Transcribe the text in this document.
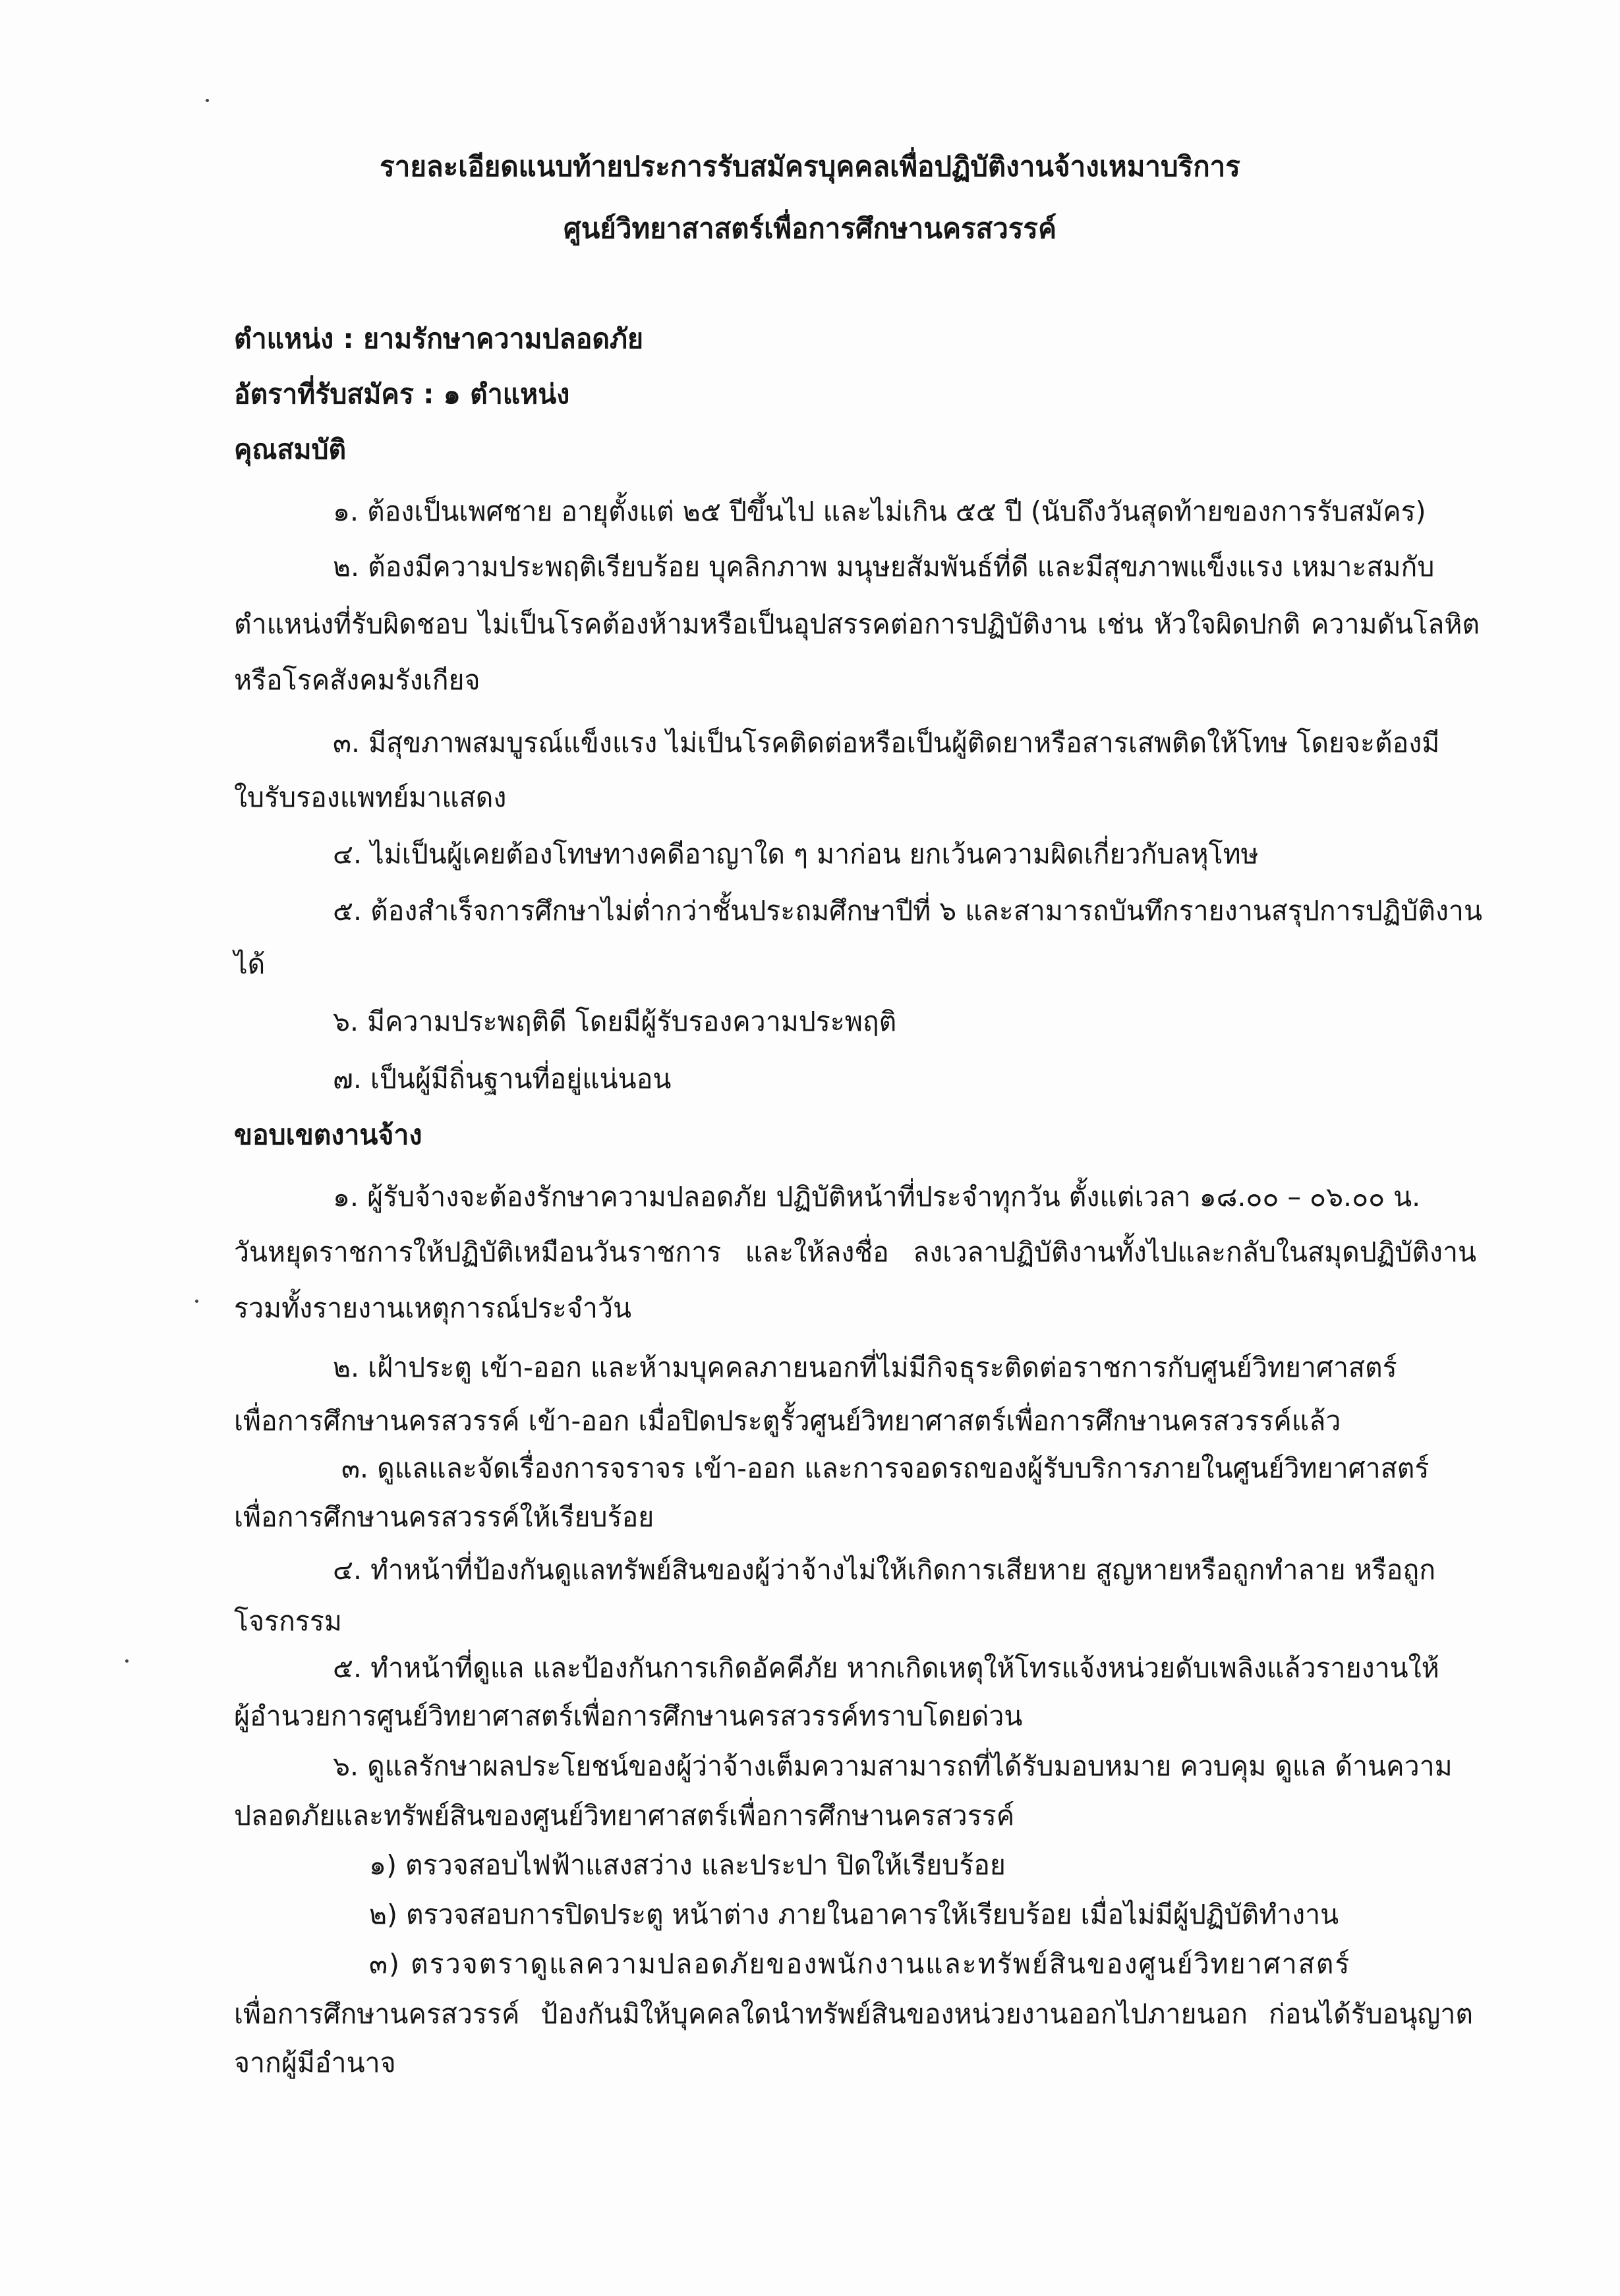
รายละเอียดแนบท้ายประการรับสมัครบุคคลเพื่อปฏิบัติงานจ้างเหมาบริการ
ศูนย์วิทยาสาสตร์เพื่อการศึกษานครสวรรค์
ตำแหน่ง : ยามรักษาความปลอดภัย
อัตราที่รับสมัคร : ๑ ตำแหน่ง
คุณสมบัติ
๑. ต้องเป็นเพศชาย อายุตั้งแต่ ๒๕ ปีขึ้นไป และไม่เกิน ๕๕ ปี (นับถึงวันสุดท้ายของการรับสมัคร)
๒. ต้องมีความประพฤติเรียบร้อย บุคลิกภาพ มนุษยสัมพันธ์ที่ดี และมีสุขภาพแข็งแรง เหมาะสมกับ
ตำแหน่งที่รับผิดชอบ ไม่เป็นโรคต้องห้ามหรือเป็นอุปสรรคต่อการปฏิบัติงาน เช่น หัวใจผิดปกติ ความดันโลหิต
หรือโรคสังคมรังเกียจ
๓. มีสุขภาพสมบูรณ์แข็งแรง ไม่เป็นโรคติดต่อหรือเป็นผู้ติดยาหรือสารเสพติดให้โทษ โดยจะต้องมี
ใบรับรองแพทย์มาแสดง
๔. ไม่เป็นผู้เคยต้องโทษทางคดีอาญาใด ๆ มาก่อน ยกเว้นความผิดเกี่ยวกับลหุโทษ
๕. ต้องสำเร็จการศึกษาไม่ต่ำกว่าชั้นประถมศึกษาปีที่ ๖ และสามารถบันทึกรายงานสรุปการปฏิบัติงาน
ได้
๖. มีความประพฤติดี โดยมีผู้รับรองความประพฤติ
๗. เป็นผู้มีถิ่นฐานที่อยู่แน่นอน
ขอบเขตงานจ้าง
๑. ผู้รับจ้างจะต้องรักษาความปลอดภัย ปฏิบัติหน้าที่ประจำทุกวัน ตั้งแต่เวลา ๑๘.๐๐ – ๐๖.๐๐ น.
วันหยุดราชการให้ปฏิบัติเหมือนวันราชการ และให้ลงชื่อ ลงเวลาปฏิบัติงานทั้งไปและกลับในสมุดปฏิบัติงาน
รวมทั้งรายงานเหตุการณ์ประจำวัน
๒. เฝ้าประตู เข้า-ออก และห้ามบุคคลภายนอกที่ไม่มีกิจธุระติดต่อราชการกับศูนย์วิทยาศาสตร์
เพื่อการศึกษานครสวรรค์ เข้า-ออก เมื่อปิดประตูรั้วศูนย์วิทยาศาสตร์เพื่อการศึกษานครสวรรค์แล้ว
๓. ดูแลและจัดเรื่องการจราจร เข้า-ออก และการจอดรถของผู้รับบริการภายในศูนย์วิทยาศาสตร์
เพื่อการศึกษานครสวรรค์ให้เรียบร้อย
๔. ทำหน้าที่ป้องกันดูแลทรัพย์สินของผู้ว่าจ้างไม่ให้เกิดการเสียหาย สูญหายหรือถูกทำลาย หรือถูก
โจรกรรม
๕. ทำหน้าที่ดูแล และป้องกันการเกิดอัคคีภัย หากเกิดเหตุให้โทรแจ้งหน่วยดับเพลิงแล้วรายงานให้
ผู้อำนวยการศูนย์วิทยาศาสตร์เพื่อการศึกษานครสวรรค์ทราบโดยด่วน
๖. ดูแลรักษาผลประโยชน์ของผู้ว่าจ้างเต็มความสามารถที่ได้รับมอบหมาย ควบคุม ดูแล ด้านความ
ปลอดภัยและทรัพย์สินของศูนย์วิทยาศาสตร์เพื่อการศึกษานครสวรรค์
๑) ตรวจสอบไฟฟ้าแสงสว่าง และประปา ปิดให้เรียบร้อย
๒) ตรวจสอบการปิดประตู หน้าต่าง ภายในอาคารให้เรียบร้อย เมื่อไม่มีผู้ปฏิบัติทำงาน
๓) ตรวจตราดูแลความปลอดภัยของพนักงานและทรัพย์สินของศูนย์วิทยาศาสตร์
เพื่อการศึกษานครสวรรค์ ป้องกันมิให้บุคคลใดนำทรัพย์สินของหน่วยงานออกไปภายนอก ก่อนได้รับอนุญาต
จากผู้มีอำนาจ
